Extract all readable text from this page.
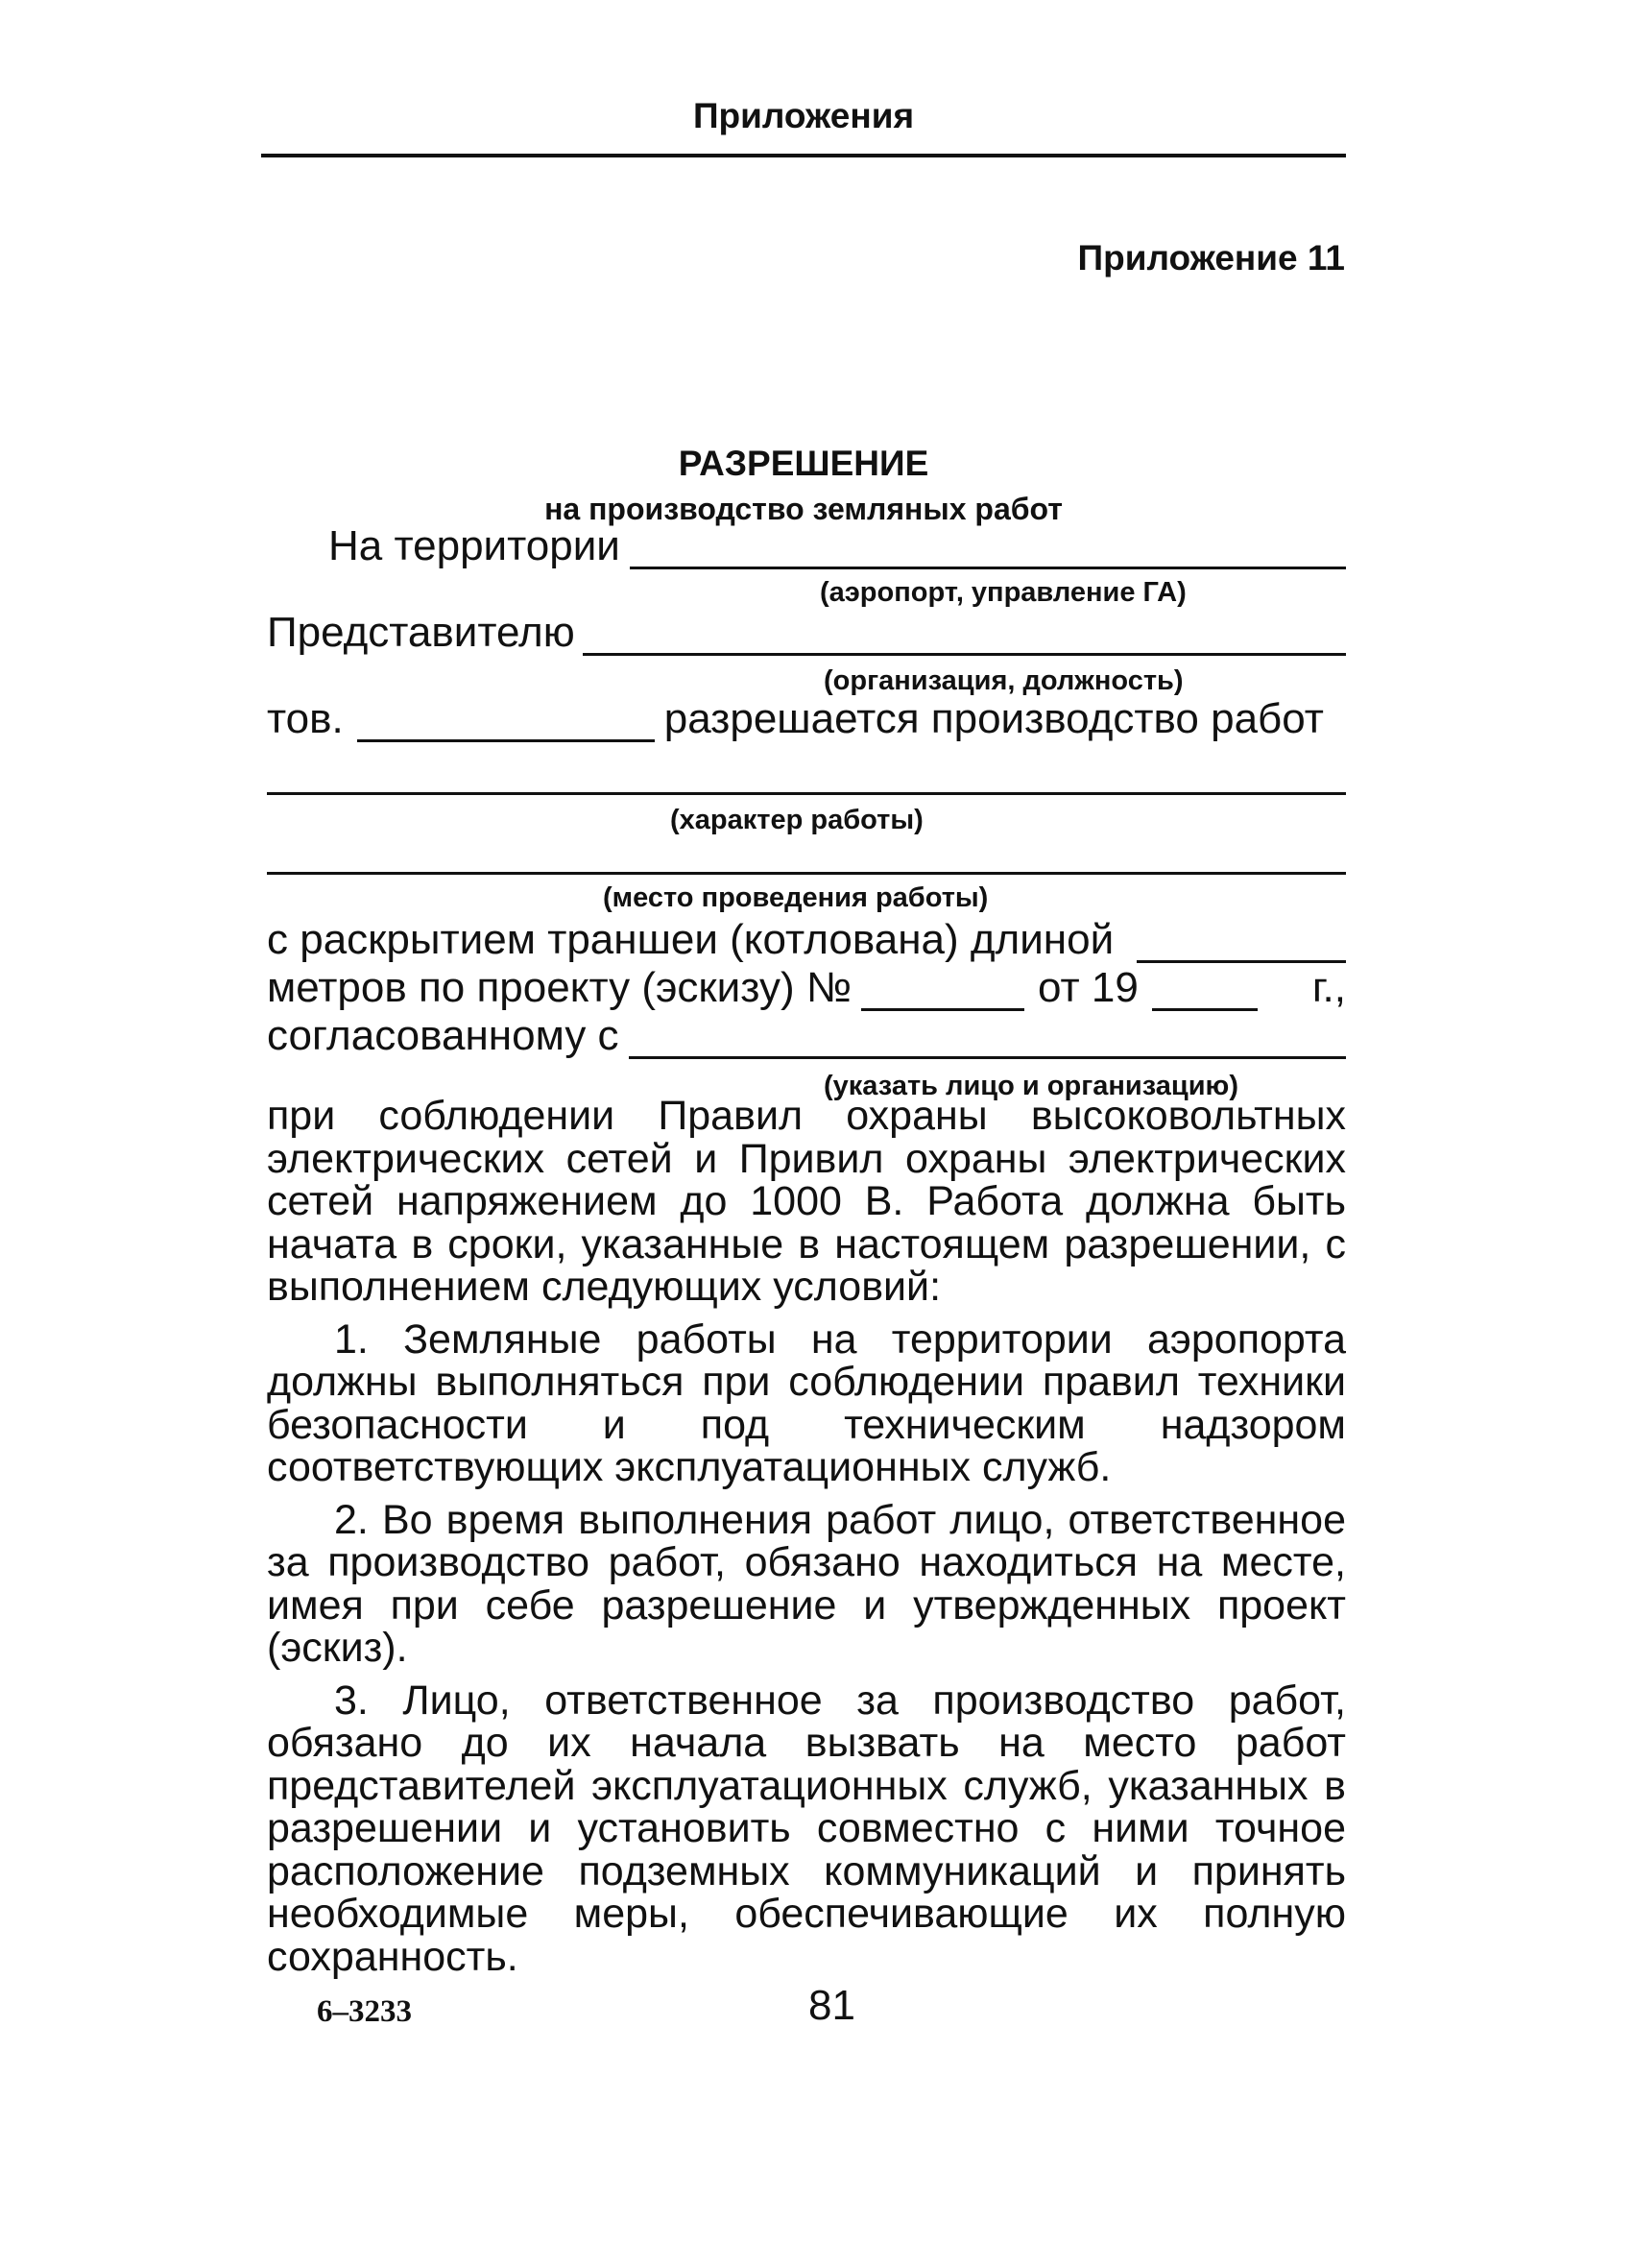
Приложения
Приложение 11
РАЗРЕШЕНИЕ
на производство земляных работ
На территории
(аэропорт, управление ГА)
Представителю
(организация, должность)
тов.	разрешается производство работ
(характер работы)
(место проведения работы)
с раскрытием траншеи (котлована) длиной
метров по проекту (эскизу) №	от 19	г.,
согласованному с
(указать лицо и организацию)

при соблюдении Правил охраны высоковольтных электрических сетей и Привил охраны электрических сетей напряжением до 1000 В. Работа должна быть начата в сроки, указанные в настоящем разрешении, с выполнением следующих условий:

1. Земляные работы на территории аэропорта должны выполняться при соблюдении правил техники безопасности и под техническим надзором соответствующих эксплуатационных служб.

2. Во время выполнения работ лицо, ответственное за производство работ, обязано находиться на месте, имея при себе разрешение и утвержденных проект (эскиз).

3. Лицо, ответственное за производство работ, обязано до их начала вызвать на место работ представителей эксплуатационных служб, указанных в разрешении и установить совместно с ними точное расположение подземных коммуникаций и принять необходимые меры, обеспечивающие их полную сохранность.

6–3233	81
